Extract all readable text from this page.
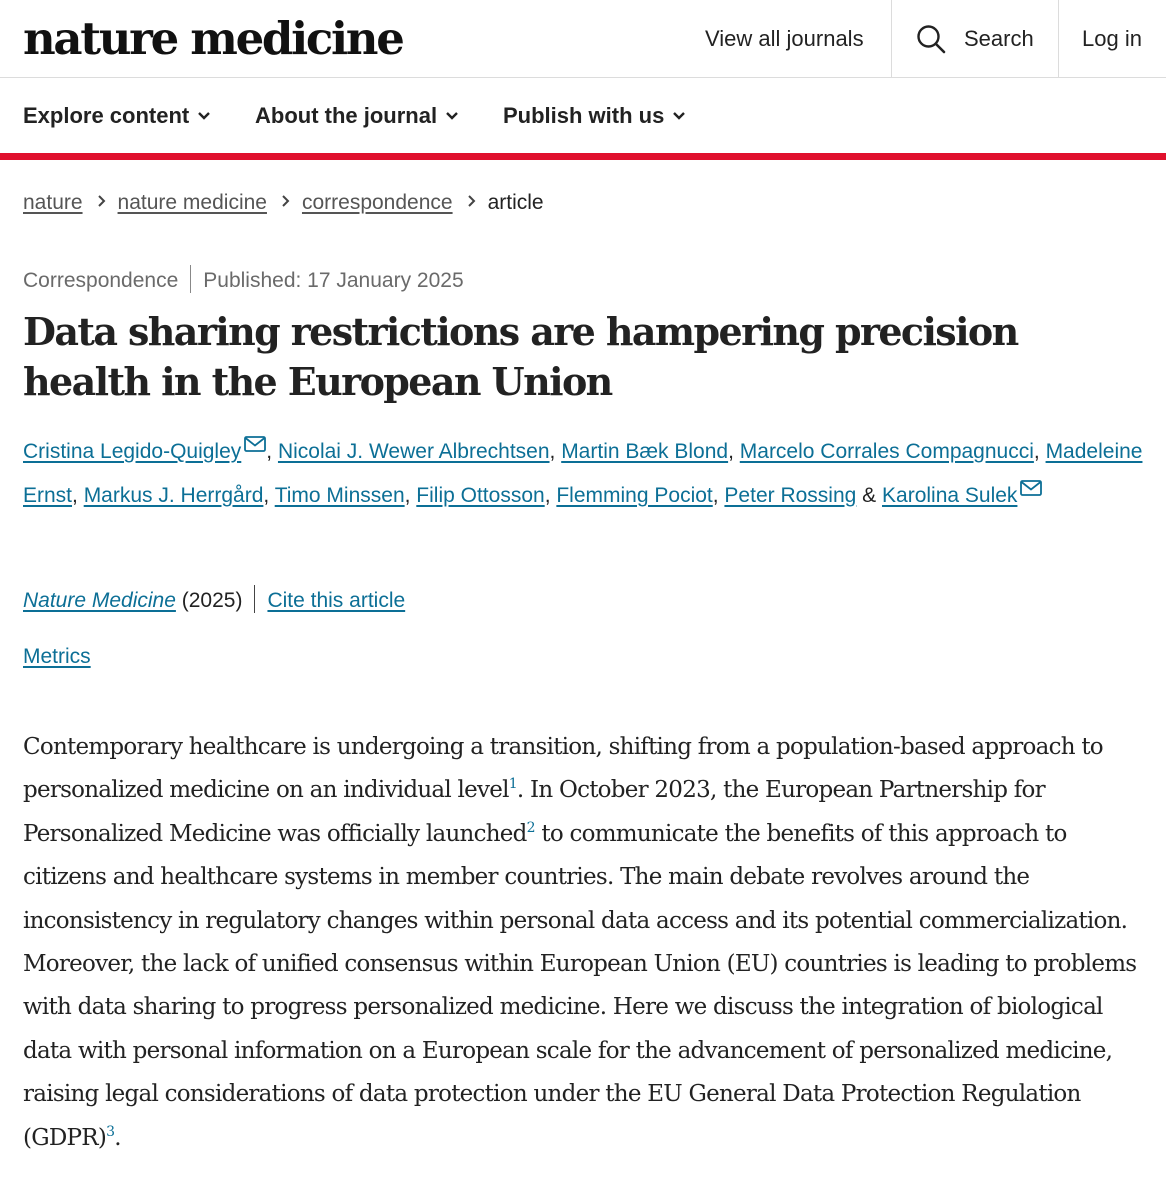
nature medicine	View all journals	Search Log in
Explore content	About the journal	Publish with us
nature nature medicine correspondence article
Correspondence Published: 17 January 2025
Data sharing restrictions are hampering precision health in the European Union
Cristina Legido-Quigley , Nicolai J. Wewer Albrechtsen, Martin Bæk Blond, Marcelo Corrales Compagnucci, Madeleine Ernst, Markus J. Herrgård, Timo Minssen, Filip Ottosson, Flemming Pociot, Peter Rossing & Karolina Sulek
Nature Medicine (2025) Cite this article
Metrics

Contemporary healthcare is undergoing a transition, shifting from a population-based approach to personalized medicine on an individual level$^1$. In October 2023, the European Partnership for Personalized Medicine was officially launched$^2$ to communicate the benefits of this approach to citizens and healthcare systems in member countries. The main debate revolves around the inconsistency in regulatory changes within personal data access and its potential commercialization. Moreover, the lack of unified consensus within European Union (EU) countries is leading to problems with data sharing to progress personalized medicine. Here we discuss the integration of biological data with personal information on a European scale for the advancement of personalized medicine, raising legal considerations of data protection under the EU General Data Protection Regulation (GDPR)$^3$.
